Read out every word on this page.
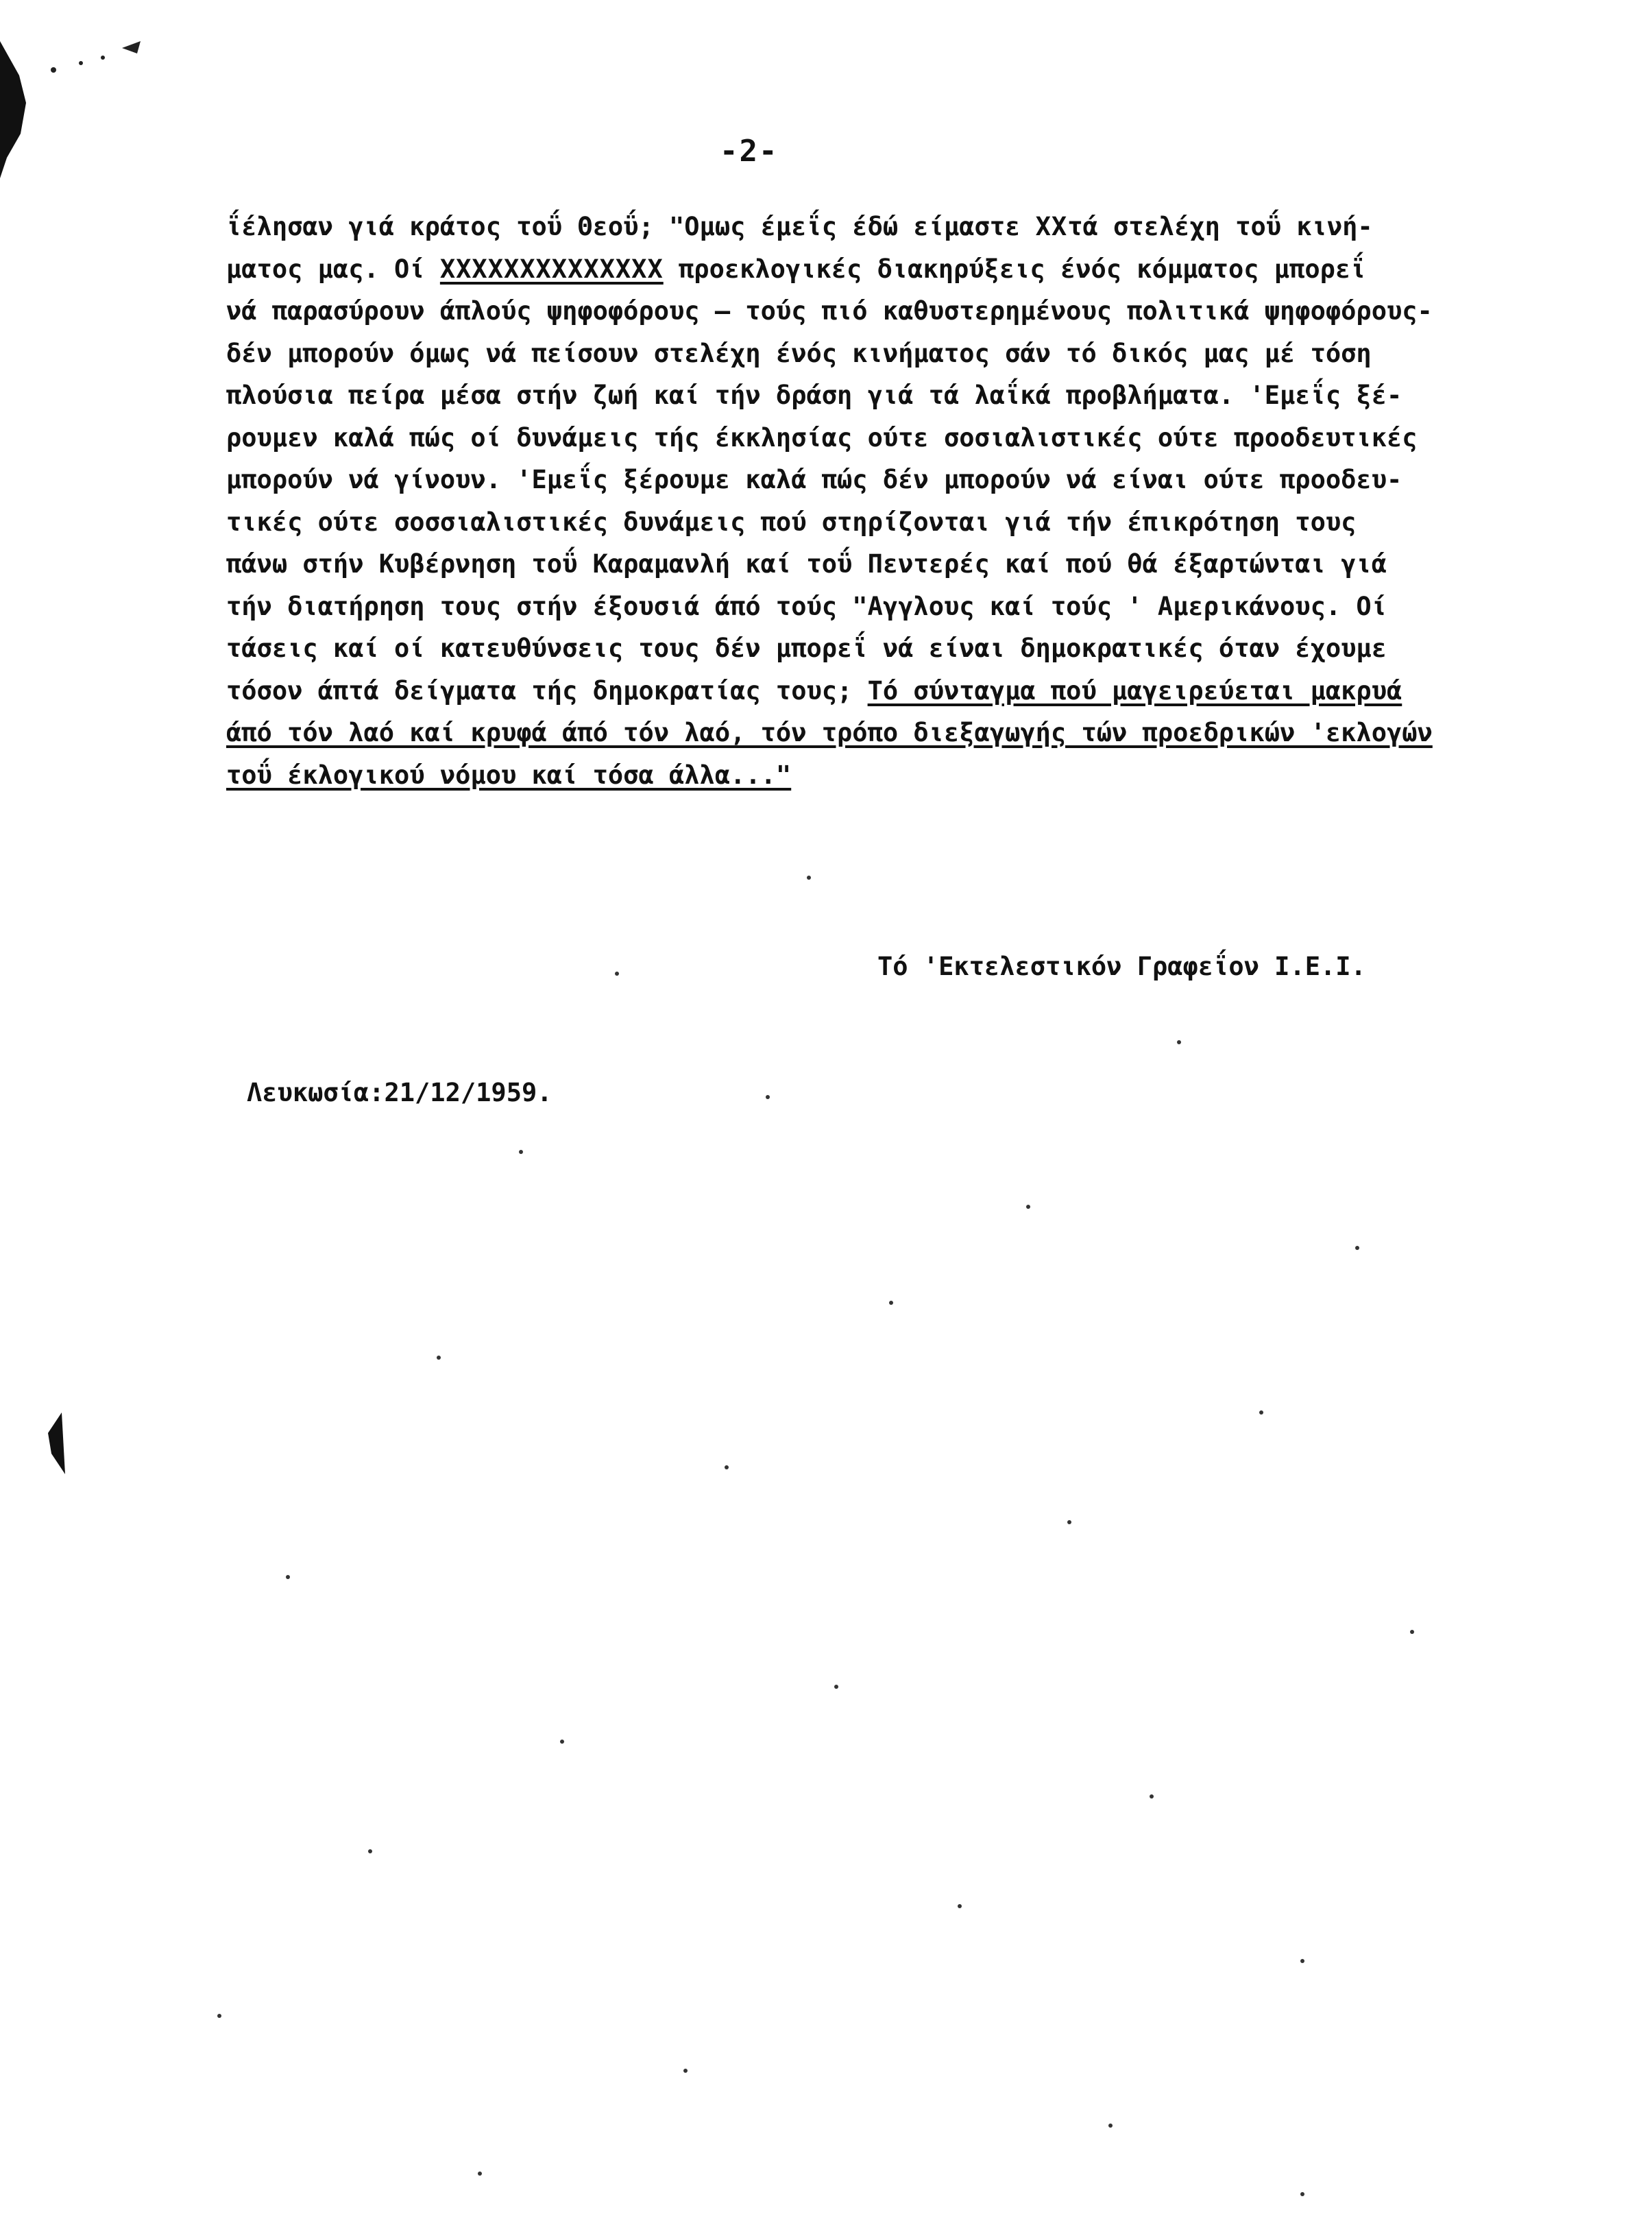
-2-
ΐέλησαν γιά κράτος τοΰ Θεοΰ; "Ομως έμεΐς έδώ είμαστε ΧΧτά στελέχη τοΰ κινή-
ματος μας. Οί ΧΧΧΧΧΧΧΧΧΧΧΧΧΧ προεκλογικές διακηρύξεις ένός κόμματος μπορεΐ
νά παρασύρουν άπλούς ψηφοφόρους – τούς πιό καθυστερημένους πολιτικά ψηφοφόρους-
δέν μπορούν όμως νά πείσουν στελέχη ένός κινήματος σάν τό δικός μας μέ τόση
πλούσια πείρα μέσα στήν ζωή καί τήν δράση γιά τά λαΐκά προβλήματα. 'Εμεΐς ξέ-
ρουμεν καλά πώς οί δυνάμεις τής έκκλησίας ούτε σοσιαλιστικές ούτε προοδευτικές
μπορούν νά γίνουν. 'Εμεΐς ξέρουμε καλά πώς δέν μπορούν νά είναι ούτε προοδευ-
τικές ούτε σοσσιαλιστικές δυνάμεις πού στηρίζονται γιά τήν έπικρότηση τους
πάνω στήν Κυβέρνηση τοΰ Καραμανλή καί τοΰ Πεντερές καί πού θά έξαρτώνται γιά
τήν διατήρηση τους στήν έξουσιά άπό τούς "Αγγλους καί τούς ' Αμερικάνους. Οί
τάσεις καί οί κατευθύνσεις τους δέν μπορεΐ νά είναι δημοκρατικές όταν έχουμε
τόσον άπτά δείγματα τής δημοκρατίας τους; Τό σύνταγμα πού μαγειρεύεται μακρυά
άπό τόν λαό καί κρυφά άπό τόν λαό, τόν τρόπο διεξαγωγής τών προεδρικών 'εκλογών
τοΰ έκλογικού νόμου καί τόσα άλλα..."
Τό 'Εκτελεστικόν Γραφεΐον Ι.Ε.Ι.
Λευκωσία:21/12/1959.
